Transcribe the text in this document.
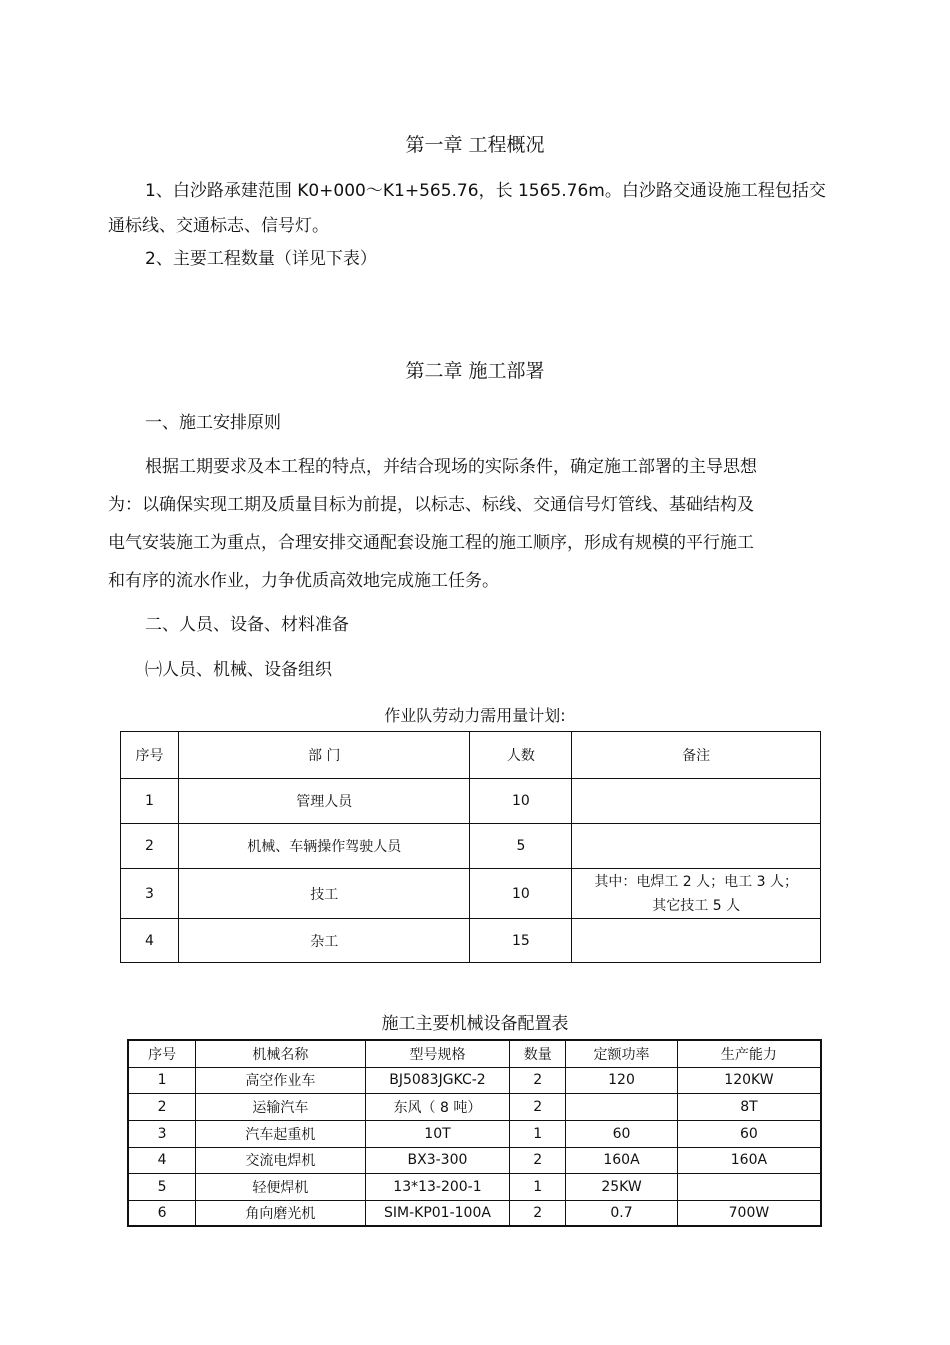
第一章 工程概况
1、白沙路承建范围 K0+000～K1+565.76，长 1565.76m。白沙路交通设施工程包括交
通标线、交通标志、信号灯。
2、主要工程数量（详见下表）
第二章 施工部署
一、施工安排原则
根据工期要求及本工程的特点，并结合现场的实际条件，确定施工部署的主导思想
为：以确保实现工期及质量目标为前提，以标志、标线、交通信号灯管线、基础结构及
电气安装施工为重点，合理安排交通配套设施工程的施工顺序，形成有规模的平行施工
和有序的流水作业，力争优质高效地完成施工任务。
二、人员、设备、材料准备
㈠人员、机械、设备组织
作业队劳动力需用量计划:
序号	部 门	人数	备注
1	管理人员	10	

2	机械、车辆操作驾驶人员	5	

3	技工	10	其中：电焊工 2 人；电工 3 人；
其它技工 5 人

4	杂工	15	
施工主要机械设备配置表
序号	机械名称	型号规格	数量	定额功率	生产能力
1	高空作业车	BJ5083JGKC-2	2	120	120KW
2	运输汽车	东风（ 8 吨）	2		8T
3	汽车起重机	10T	1	60	60
4	交流电焊机	BX3-300	2	160A	160A
5	轻便焊机	13*13-200-1	1	25KW	
6	角向磨光机	SIM-KP01-100A	2	0.7	700W
